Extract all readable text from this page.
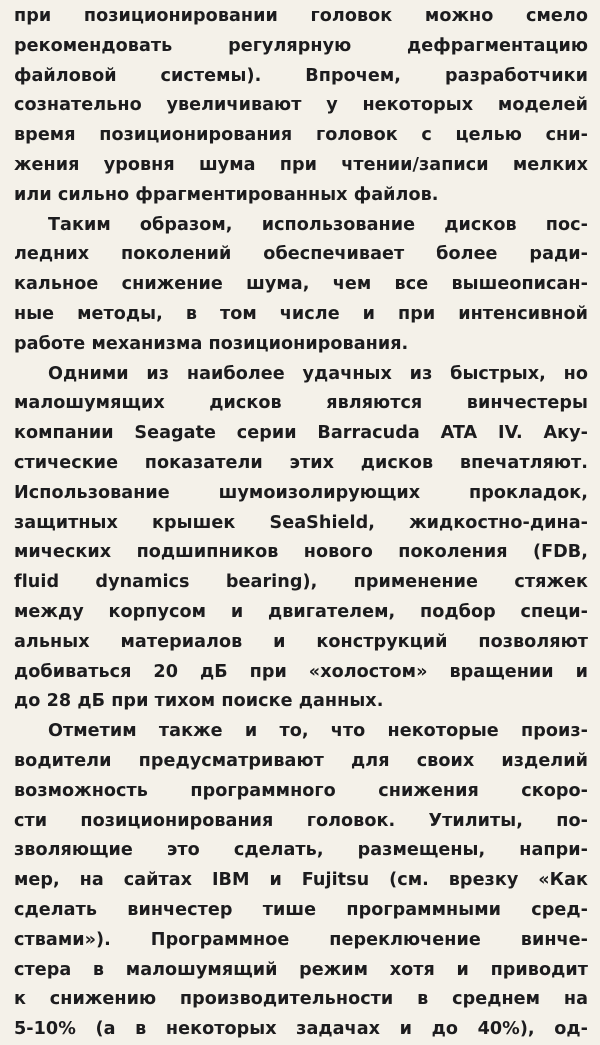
при позиционировании головок можно смело
рекомендовать регулярную дефрагментацию
файловой системы). Впрочем, разработчики
сознательно увеличивают у некоторых моделей
время позиционирования головок с целью сни-
жения уровня шума при чтении/записи мелких
или сильно фрагментированных файлов.
Таким образом, использование дисков пос-
ледних поколений обеспечивает более ради-
кальное снижение шума, чем все вышеописан-
ные методы, в том числе и при интенсивной
работе механизма позиционирования.
Одними из наиболее удачных из быстрых, но
малошумящих дисков являются винчестеры
компании Seagate серии Barracuda ATA IV. Аку-
стические показатели этих дисков впечатляют.
Использование шумоизолирующих прокладок,
защитных крышек SeaShield, жидкостно-дина-
мических подшипников нового поколения (FDB,
fluid dynamics bearing), применение стяжек
между корпусом и двигателем, подбор специ-
альных материалов и конструкций позволяют
добиваться 20 дБ при «холостом» вращении и
до 28 дБ при тихом поиске данных.
Отметим также и то, что некоторые произ-
водители предусматривают для своих изделий
возможность программного снижения скоро-
сти позиционирования головок. Утилиты, по-
зволяющие это сделать, размещены, напри-
мер, на сайтах IBM и Fujitsu (см. врезку «Как
сделать винчестер тише программными сред-
ствами»). Программное переключение винче-
стера в малошумящий режим хотя и приводит
к снижению производительности в среднем на
5-10% (а в некоторых задачах и до 40%), од-
